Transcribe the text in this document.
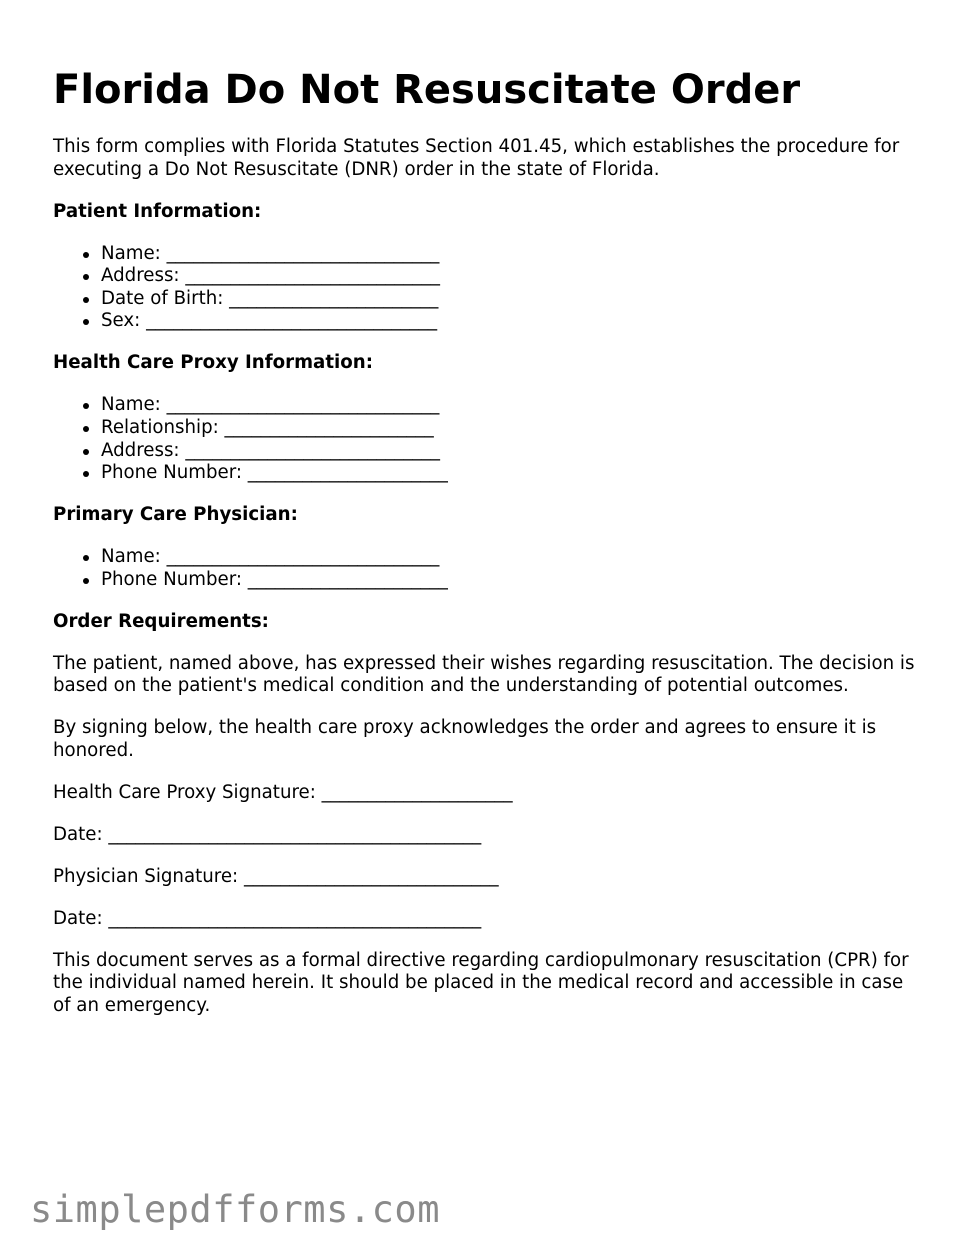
Florida Do Not Resuscitate Order

This form complies with Florida Statutes Section 401.45, which establishes the procedure for executing a Do Not Resuscitate (DNR) order in the state of Florida.

Patient Information:
Name: ______________________________
Address: ____________________________
Date of Birth: _______________________
Sex: ________________________________
Health Care Proxy Information:
Name: ______________________________
Relationship: _______________________
Address: ____________________________
Phone Number: ______________________
Primary Care Physician:
Name: ______________________________
Phone Number: ______________________
Order Requirements:

The patient, named above, has expressed their wishes regarding resuscitation. The decision is based on the patient's medical condition and the understanding of potential outcomes.

By signing below, the health care proxy acknowledges the order and agrees to ensure it is honored.

Health Care Proxy Signature: _____________________

Date: _________________________________________

Physician Signature: ____________________________

Date: _________________________________________

This document serves as a formal directive regarding cardiopulmonary resuscitation (CPR) for the individual named herein. It should be placed in the medical record and accessible in case of an emergency.

simplepdfforms.com
